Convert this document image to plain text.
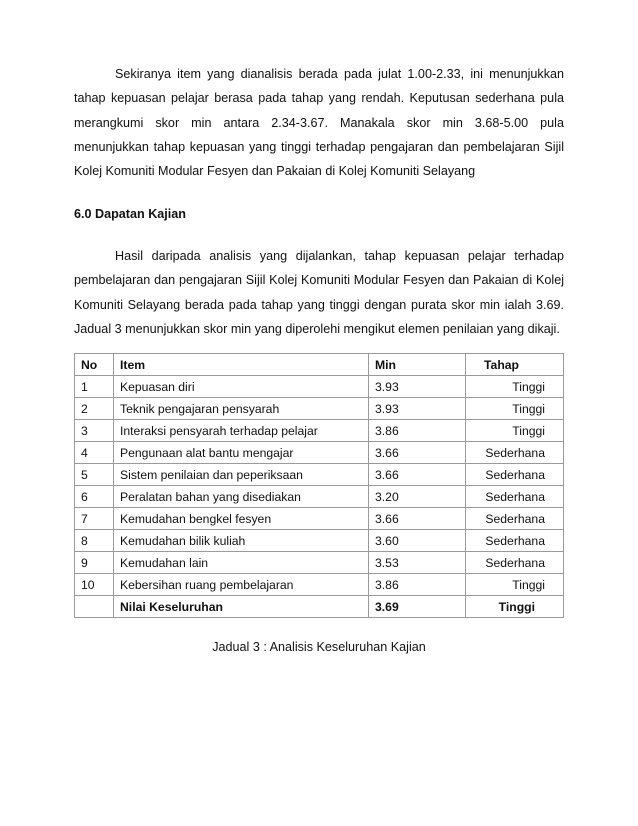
Sekiranya item yang dianalisis berada pada julat 1.00-2.33, ini menunjukkan tahap kepuasan pelajar berasa pada tahap yang rendah. Keputusan sederhana pula merangkumi skor min antara 2.34-3.67. Manakala skor min 3.68-5.00 pula menunjukkan tahap kepuasan yang tinggi terhadap pengajaran dan pembelajaran Sijil Kolej Komuniti Modular Fesyen dan Pakaian di Kolej Komuniti Selayang

6.0 Dapatan Kajian

Hasil daripada analisis yang dijalankan, tahap kepuasan pelajar terhadap pembelajaran dan pengajaran Sijil Kolej Komuniti Modular Fesyen dan Pakaian di Kolej Komuniti Selayang berada pada tahap yang tinggi dengan purata skor min ialah 3.69. Jadual 3 menunjukkan skor min yang diperolehi mengikut elemen penilaian yang dikaji.

No	Item	Min	Tahap
1	Kepuasan diri	3.93	Tinggi
2	Teknik pengajaran pensyarah	3.93	Tinggi
3	Interaksi pensyarah terhadap pelajar	3.86	Tinggi
4	Pengunaan alat bantu mengajar	3.66	Sederhana
5	Sistem penilaian dan peperiksaan	3.66	Sederhana
6	Peralatan bahan yang disediakan	3.20	Sederhana
7	Kemudahan bengkel fesyen	3.66	Sederhana
8	Kemudahan bilik kuliah	3.60	Sederhana
9	Kemudahan lain	3.53	Sederhana
10	Kebersihan ruang pembelajaran	3.86	Tinggi
	Nilai Keseluruhan	3.69	Tinggi

Jadual 3 : Analisis Keseluruhan Kajian
